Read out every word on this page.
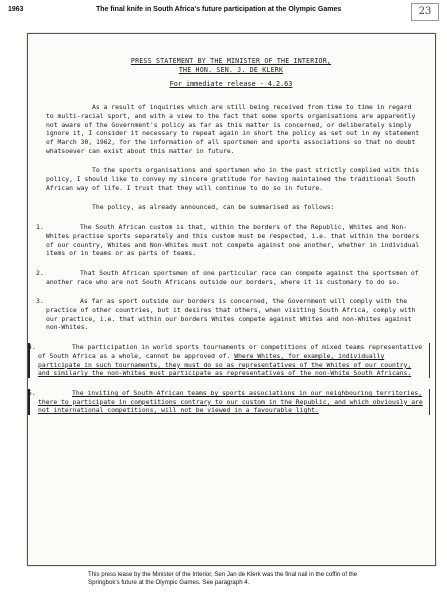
1963	The final knife in South Africa's future participation at the Olympic Games	23
PRESS STATEMENT BY THE MINISTER OF THE INTERIOR,
THE HON. SEN. J. DE KLERK
For immediate release - 4.2.63
As a result of inquiries which are still being received from time to time in regard to multi-racial sport, and with a view to the fact that some sports organisations are apparently not aware of the Government's policy as far as this matter is concerned, or deliberately simply ignore it, I consider it necessary to repeat again in short the policy as set out in my statement of March 30, 1962, for the information of all sportsmen and sports associations so that no doubt whatsoever can exist about this matter in future.
To the sports organisations and sportsmen who in the past strictly complied with this policy, I should like to convey my sincere gratitude for having maintained the traditional South African way of life. I trust that they will continue to do so in future.
The policy, as already announced, can be summarised as follows:
1.	The South African custom is that, within the borders of the Republic, Whites and Non-Whites practise sports separately and this custom must be respected, i.e. that within the borders of our country, Whites and Non-Whites must not compete against one another, whether in individual items or in teams or as parts of teams.
2.	That South African sportsmen of one particular race can compete against the sportsmen of another race who are not South Africans outside our borders, where it is customary to do so.
3.	As far as sport outside our borders is concerned, the Government will comply with the practice of other countries, but it desires that others, when visiting South Africa, comply with our practice, i.e. that within our borders Whites compete against Whites and non-Whites against non-Whites.
4.	The participation in world sports tournaments or competitions of mixed teams representative of South Africa as a whole, cannot be approved of. Where Whites, for example, individually participate in such tournaments, they must do so as representatives of the Whites of our country, and similarly the non-Whites must participate as representatives of the non-White South Africans.
5.	The inviting of South African teams by sports associations in our neighbouring territories, there to participate in competitions contrary to our custom in the Republic, and which obviously are not international competitions, will not be viewed in a favourable light.
This press lease by the Minister of the Interior, Sen Jan de Klerk was the final nail in the coffin of the Springbok's future at the Olympic Games. See paragraph 4.
